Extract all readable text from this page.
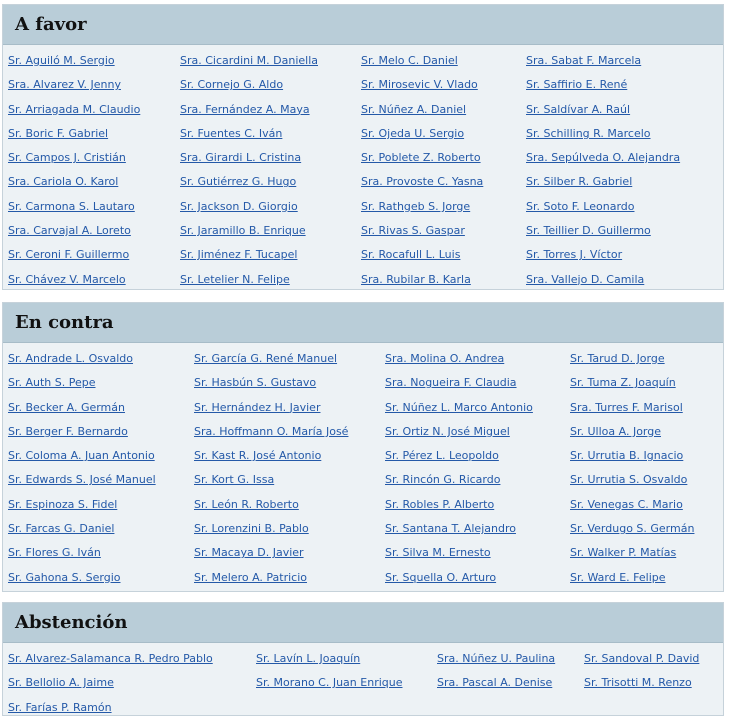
A favor
Sr. Aguiló M. Sergio	Sra. Cicardini M. Daniella	Sr. Melo C. Daniel	Sra. Sabat F. Marcela
Sra. Alvarez V. Jenny	Sr. Cornejo G. Aldo	Sr. Mirosevic V. Vlado	Sr. Saffirio E. René
Sr. Arriagada M. Claudio	Sra. Fernández A. Maya	Sr. Núñez A. Daniel	Sr. Saldívar A. Raúl
Sr. Boric F. Gabriel	Sr. Fuentes C. Iván	Sr. Ojeda U. Sergio	Sr. Schilling R. Marcelo
Sr. Campos J. Cristián	Sra. Girardi L. Cristina	Sr. Poblete Z. Roberto	Sra. Sepúlveda O. Alejandra
Sra. Cariola O. Karol	Sr. Gutiérrez G. Hugo	Sra. Provoste C. Yasna	Sr. Silber R. Gabriel
Sr. Carmona S. Lautaro	Sr. Jackson D. Giorgio	Sr. Rathgeb S. Jorge	Sr. Soto F. Leonardo
Sra. Carvajal A. Loreto	Sr. Jaramillo B. Enrique	Sr. Rivas S. Gaspar	Sr. Teillier D. Guillermo
Sr. Ceroni F. Guillermo	Sr. Jiménez F. Tucapel	Sr. Rocafull L. Luis	Sr. Torres J. Víctor
Sr. Chávez V. Marcelo	Sr. Letelier N. Felipe	Sra. Rubilar B. Karla	Sra. Vallejo D. Camila
En contra
Sr. Andrade L. Osvaldo	Sr. García G. René Manuel	Sra. Molina O. Andrea	Sr. Tarud D. Jorge
Sr. Auth S. Pepe	Sr. Hasbún S. Gustavo	Sra. Nogueira F. Claudia	Sr. Tuma Z. Joaquín
Sr. Becker A. Germán	Sr. Hernández H. Javier	Sr. Núñez L. Marco Antonio	Sra. Turres F. Marisol
Sr. Berger F. Bernardo	Sra. Hoffmann O. María José	Sr. Ortiz N. José Miguel	Sr. Ulloa A. Jorge
Sr. Coloma A. Juan Antonio	Sr. Kast R. José Antonio	Sr. Pérez L. Leopoldo	Sr. Urrutia B. Ignacio
Sr. Edwards S. José Manuel	Sr. Kort G. Issa	Sr. Rincón G. Ricardo	Sr. Urrutia S. Osvaldo
Sr. Espinoza S. Fidel	Sr. León R. Roberto	Sr. Robles P. Alberto	Sr. Venegas C. Mario
Sr. Farcas G. Daniel	Sr. Lorenzini B. Pablo	Sr. Santana T. Alejandro	Sr. Verdugo S. Germán
Sr. Flores G. Iván	Sr. Macaya D. Javier	Sr. Silva M. Ernesto	Sr. Walker P. Matías
Sr. Gahona S. Sergio	Sr. Melero A. Patricio	Sr. Squella O. Arturo	Sr. Ward E. Felipe
Abstención
Sr. Alvarez-Salamanca R. Pedro Pablo	Sr. Lavín L. Joaquín	Sra. Núñez U. Paulina	Sr. Sandoval P. David
Sr. Bellolio A. Jaime	Sr. Morano C. Juan Enrique	Sra. Pascal A. Denise	Sr. Trisotti M. Renzo
Sr. Farías P. Ramón
